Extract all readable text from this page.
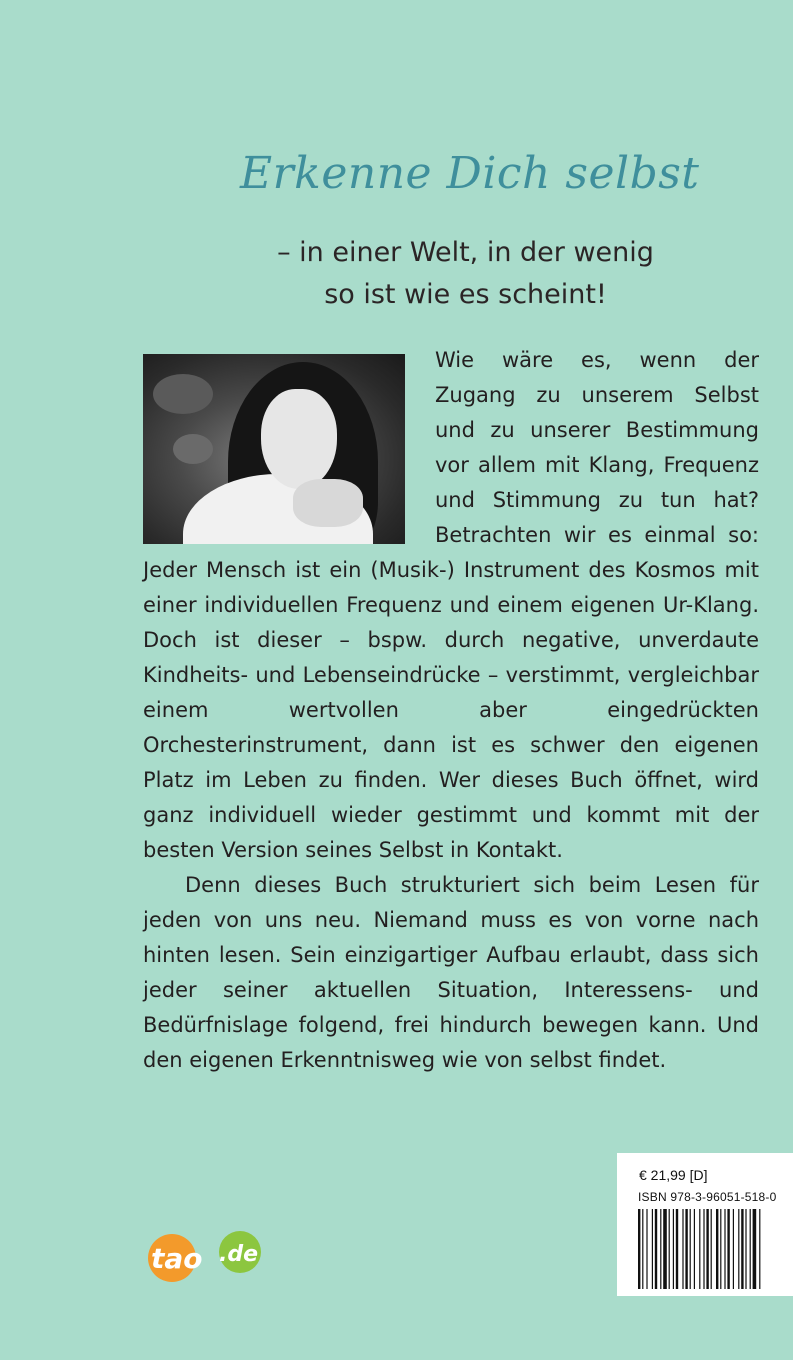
Erkenne Dich selbst
– in einer Welt, in der wenig
so ist wie es scheint!

Wie wäre es, wenn der Zugang zu unserem Selbst und zu unserer Bestimmung vor allem mit Klang, Frequenz und Stimmung zu tun hat? Betrachten wir es einmal so: Jeder Mensch ist ein (Musik-) Instrument des Kosmos mit einer individuellen Frequenz und einem eigenen Ur-Klang. Doch ist dieser – bspw. durch negative, unverdaute Kindheits- und Lebenseindrücke – verstimmt, vergleichbar einem wertvollen aber eingedrückten Orchesterinstrument, dann ist es schwer den eigenen Platz im Leben zu finden. Wer dieses Buch öffnet, wird ganz individuell wieder gestimmt und kommt mit der besten Version seines Selbst in Kontakt.

Denn dieses Buch strukturiert sich beim Lesen für jeden von uns neu. Niemand muss es von vorne nach hinten lesen. Sein einzigartiger Aufbau erlaubt, dass sich jeder seiner aktuellen Situation, Interessens- und Bedürfnislage folgend, frei hindurch bewegen kann. Und den eigenen Erkenntnisweg wie von selbst findet.

€ 21,99 [D]
ISBN 978-3-96051-518-0
tao .de
